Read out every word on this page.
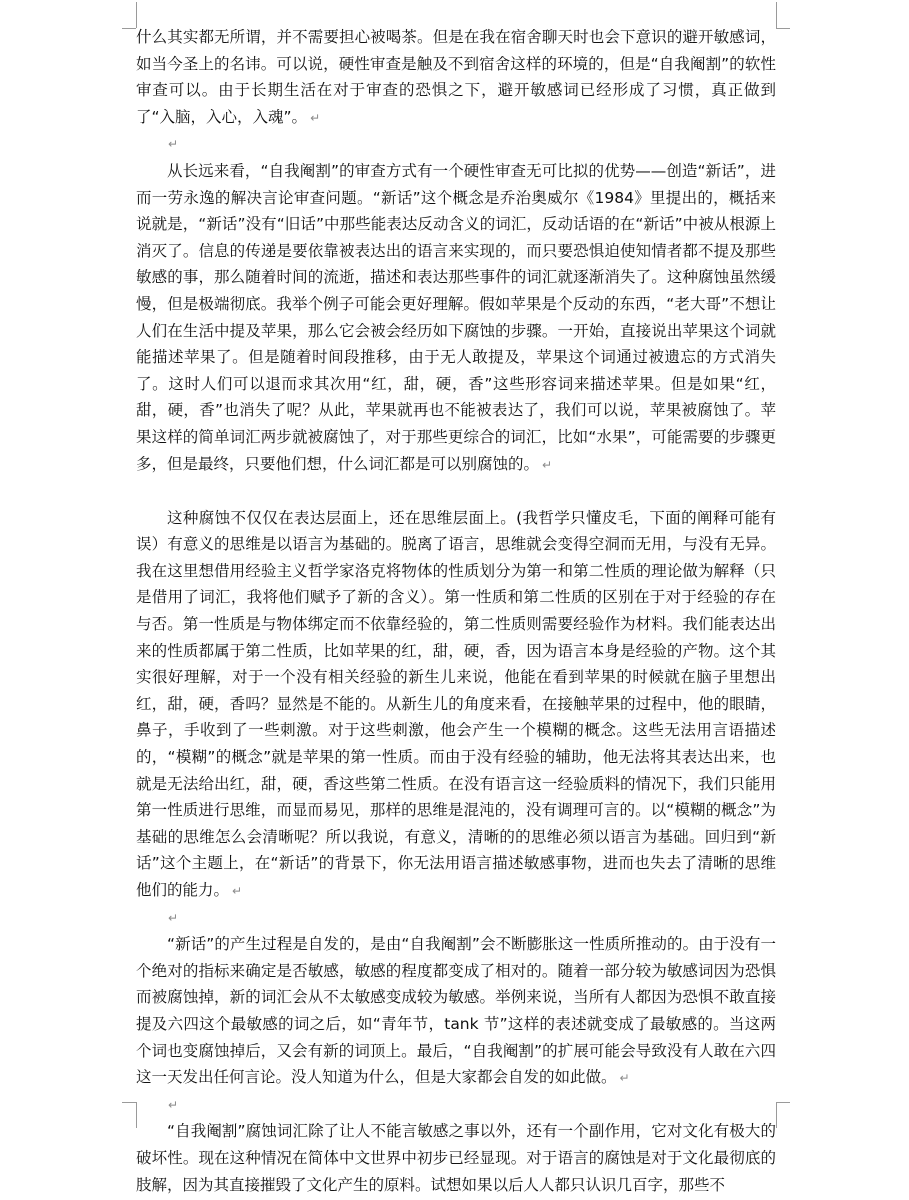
什么其实都无所谓，并不需要担心被喝茶。但是在我在宿舍聊天时也会下意识的避开敏感词，如当今圣上的名讳。可以说，硬性审查是触及不到宿舍这样的环境的，但是“自我阉割”的软性审查可以。由于长期生活在对于审查的恐惧之下，避开敏感词已经形成了习惯，真正做到了“入脑，入心，入魂”。 ↵

↵

从长远来看，“自我阉割”的审查方式有一个硬性审查无可比拟的优势——创造“新话”，进而一劳永逸的解决言论审查问题。“新话”这个概念是乔治奥威尔《1984》里提出的，概括来说就是，“新话”没有“旧话”中那些能表达反动含义的词汇，反动话语的在“新话”中被从根源上消灭了。信息的传递是要依靠被表达出的语言来实现的，而只要恐惧迫使知情者都不提及那些敏感的事，那么随着时间的流逝，描述和表达那些事件的词汇就逐渐消失了。这种腐蚀虽然缓慢，但是极端彻底。我举个例子可能会更好理解。假如苹果是个反动的东西，“老大哥”不想让人们在生活中提及苹果，那么它会被会经历如下腐蚀的步骤。一开始，直接说出苹果这个词就能描述苹果了。但是随着时间段推移，由于无人敢提及，苹果这个词通过被遗忘的方式消失了。这时人们可以退而求其次用“红，甜，硬，香”这些形容词来描述苹果。但是如果“红，甜，硬，香”也消失了呢？从此，苹果就再也不能被表达了，我们可以说，苹果被腐蚀了。苹果这样的简单词汇两步就被腐蚀了，对于那些更综合的词汇，比如“水果”，可能需要的步骤更多，但是最终，只要他们想，什么词汇都是可以别腐蚀的。 ↵

这种腐蚀不仅仅在表达层面上，还在思维层面上。(我哲学只懂皮毛，下面的阐释可能有误）有意义的思维是以语言为基础的。脱离了语言，思维就会变得空洞而无用，与没有无异。我在这里想借用经验主义哲学家洛克将物体的性质划分为第一和第二性质的理论做为解释（只是借用了词汇，我将他们赋予了新的含义）。第一性质和第二性质的区别在于对于经验的存在与否。第一性质是与物体绑定而不依靠经验的，第二性质则需要经验作为材料。我们能表达出来的性质都属于第二性质，比如苹果的红，甜，硬，香，因为语言本身是经验的产物。这个其实很好理解，对于一个没有相关经验的新生儿来说，他能在看到苹果的时候就在脑子里想出红，甜，硬，香吗？显然是不能的。从新生儿的角度来看，在接触苹果的过程中，他的眼睛，鼻子，手收到了一些刺激。对于这些刺激，他会产生一个模糊的概念。这些无法用言语描述的，“模糊”的概念”就是苹果的第一性质。而由于没有经验的辅助，他无法将其表达出来，也就是无法给出红，甜，硬，香这些第二性质。在没有语言这一经验质料的情况下，我们只能用第一性质进行思维，而显而易见，那样的思维是混沌的，没有调理可言的。以“模糊的概念”为基础的思维怎么会清晰呢？所以我说，有意义，清晰的的思维必须以语言为基础。回归到“新话”这个主题上，在“新话”的背景下，你无法用语言描述敏感事物，进而也失去了清晰的思维他们的能力。 ↵

↵

“新话”的产生过程是自发的，是由“自我阉割”会不断膨胀这一性质所推动的。由于没有一个绝对的指标来确定是否敏感，敏感的程度都变成了相对的。随着一部分较为敏感词因为恐惧而被腐蚀掉，新的词汇会从不太敏感变成较为敏感。举例来说，当所有人都因为恐惧不敢直接提及六四这个最敏感的词之后，如“青年节，tank 节”这样的表述就变成了最敏感的。当这两个词也变腐蚀掉后，又会有新的词顶上。最后，“自我阉割”的扩展可能会导致没有人敢在六四这一天发出任何言论。没人知道为什么，但是大家都会自发的如此做。 ↵

↵

“自我阉割”腐蚀词汇除了让人不能言敏感之事以外，还有一个副作用，它对文化有极大的破坏性。现在这种情况在简体中文世界中初步已经显现。对于语言的腐蚀是对于文化最彻底的肢解，因为其直接摧毁了文化产生的原料。试想如果以后人人都只认识几百字，那些不
